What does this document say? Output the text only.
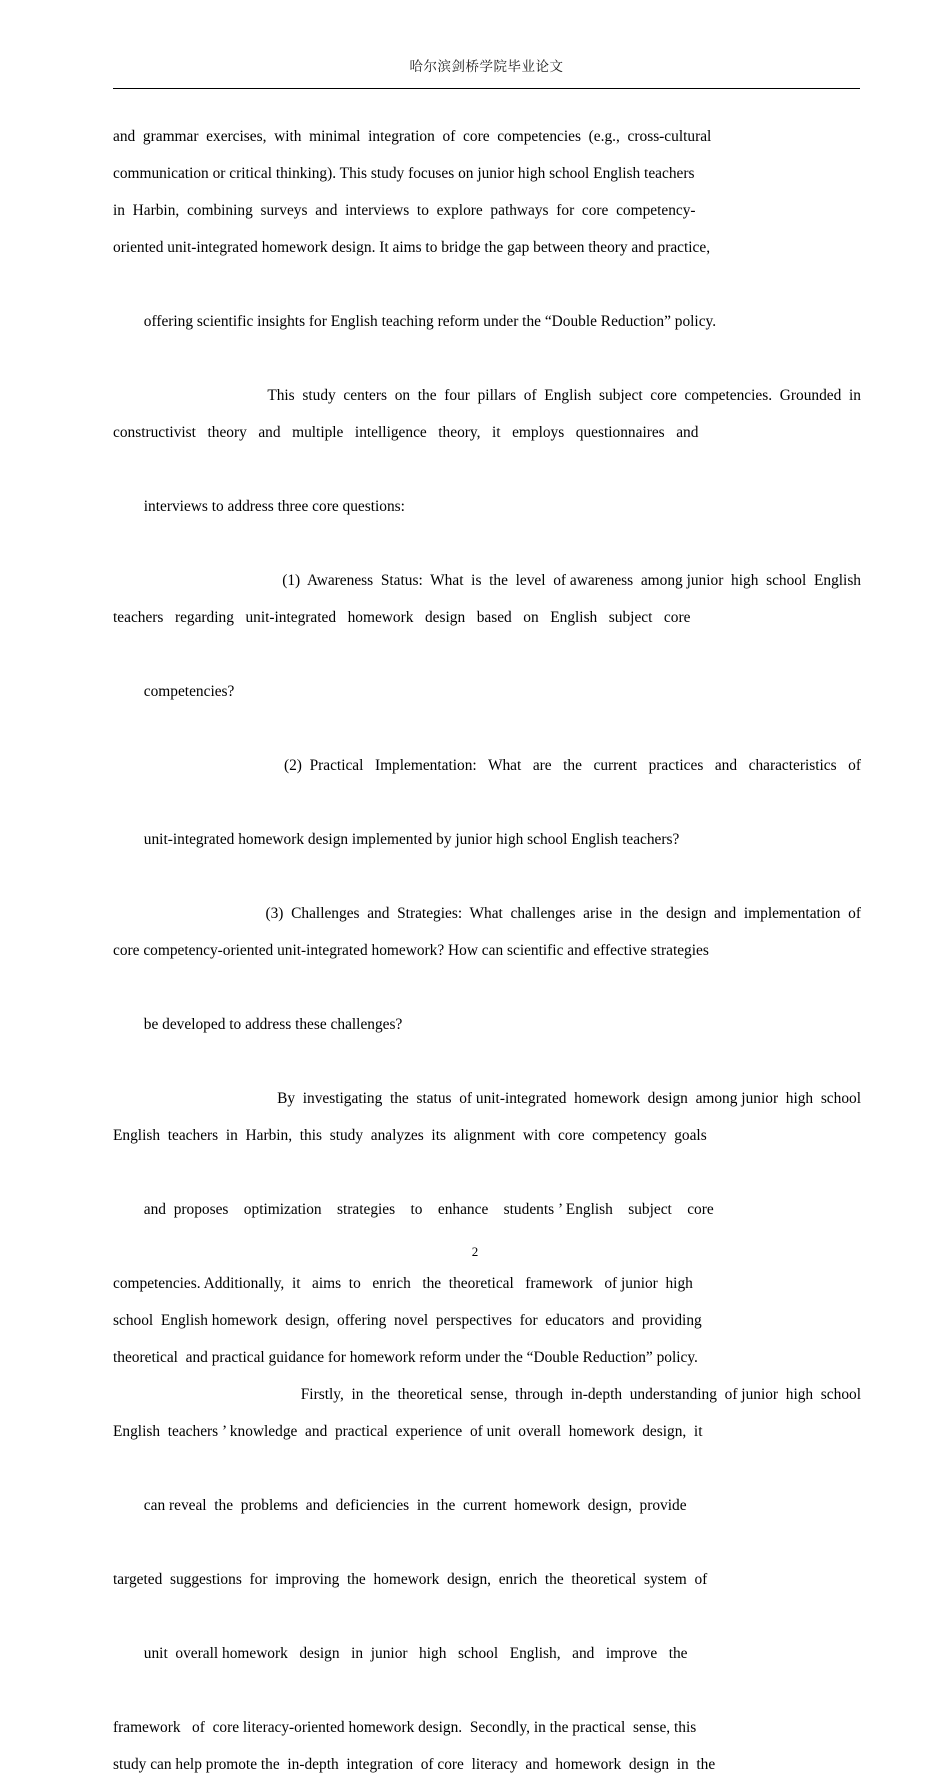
哈尔滨剑桥学院毕业论文
and  grammar  exercises,  with  minimal  integration  of  core  competencies  (e.g.,  cross-cultural
communication or critical thinking). This study focuses on junior high school English teachers
in  Harbin,  combining  surveys  and  interviews  to  explore  pathways  for  core  competency-
oriented unit-integrated homework design. It aims to bridge the gap between theory and practice,

offering scientific insights for English teaching reform under the “Double Reduction” policy.

This  study  centers  on  the  four  pillars  of  English  subject  core  competencies.  Grounded  in
constructivist   theory   and   multiple   intelligence   theory,   it   employs   questionnaires   and

interviews to address three core questions:

(1)  Awareness  Status:  What  is  the  level  of awareness  among junior  high  school  English
teachers   regarding   unit-integrated   homework   design   based   on   English   subject   core

competencies?

(2)  Practical   Implementation:   What   are   the   current   practices   and   characteristics   of

unit-integrated homework design implemented by junior high school English teachers?

(3)  Challenges  and  Strategies:  What  challenges  arise  in  the  design  and  implementation  of
core competency-oriented unit-integrated homework? How can scientific and effective strategies

be developed to address these challenges?

By  investigating  the  status  of unit-integrated  homework  design  among junior  high  school
English  teachers  in  Harbin,  this  study  analyzes  its  alignment  with  core  competency  goals

and  proposes    optimization    strategies    to    enhance    students ’ English    subject    core

competencies. Additionally,  it   aims  to   enrich   the  theoretical   framework   of junior  high
school  English homework  design,  offering  novel  perspectives  for  educators  and  providing
theoretical  and practical guidance for homework reform under the “Double Reduction” policy.
Firstly,  in  the  theoretical  sense,  through  in-depth  understanding  of junior  high  school
English  teachers ’ knowledge  and  practical  experience  of unit  overall  homework  design,  it

can reveal  the  problems  and  deficiencies  in  the  current  homework  design,  provide

targeted  suggestions  for  improving  the  homework  design,  enrich  the  theoretical  system  of

unit  overall homework   design   in  junior   high   school   English,   and   improve   the

framework   of  core literacy-oriented homework design.  Secondly, in the practical  sense, this
study can help promote the  in-depth  integration  of core  literacy  and  homework  design  in  the
2
